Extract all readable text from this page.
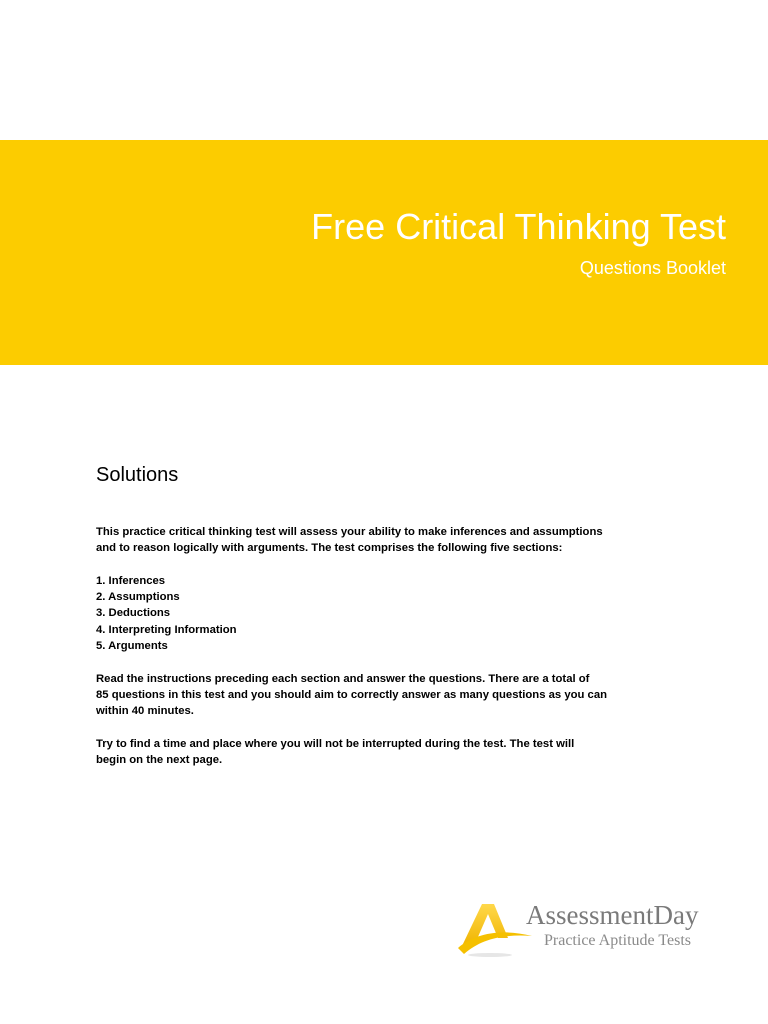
Free Critical Thinking Test
Questions Booklet
Solutions

This practice critical thinking test will assess your ability to make inferences and assumptions

and to reason logically with arguments. The test comprises the following five sections:

1. Inferences
2. Assumptions
3. Deductions
4. Interpreting Information
5. Arguments

Read the instructions preceding each section and answer the questions. There are a total of

85 questions in this test and you should aim to correctly answer as many questions as you can

within 40 minutes.

Try to find a time and place where you will not be interrupted during the test. The test will

begin on the next page.

AssessmentDay
Practice Aptitude Tests
